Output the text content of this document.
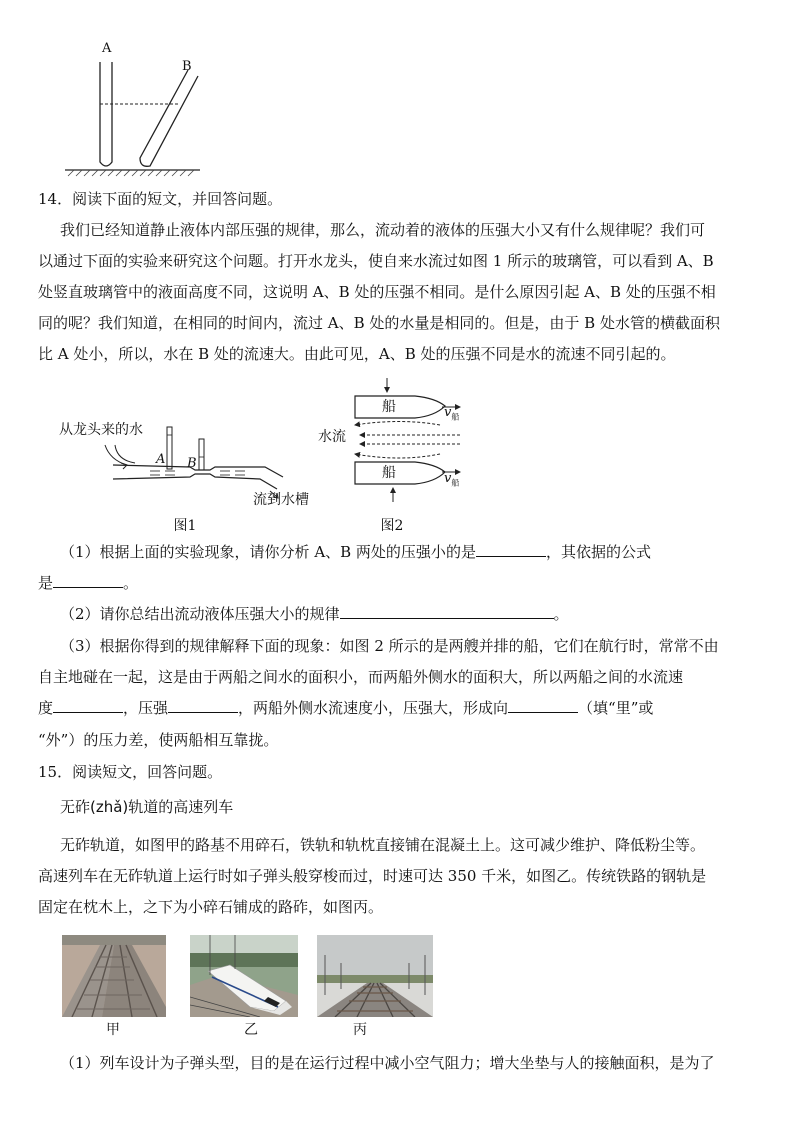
A
B
14．阅读下面的短文，并回答问题。
我们已经知道静止液体内部压强的规律，那么，流动着的液体的压强大小又有什么规律呢？我们可
以通过下面的实验来研究这个问题。打开水龙头，使自来水流过如图 1 所示的玻璃管，可以看到 A、B
处竖直玻璃管中的液面高度不同，这说明 A、B 处的压强不相同。是什么原因引起 A、B 处的压强不相
同的呢？我们知道，在相同的时间内，流过 A、B 处的水量是相同的。但是，由于 B 处水管的横截面积
比 A 处小，所以，水在 B 处的流速大。由此可见，A、B 处的压强不同是水的流速不同引起的。
从龙头来的水
A B
流到水槽
图1
船
船
水流
$v_船$
$v_船$
图2
（1）根据上面的实验现象，请你分析 A、B 两处的压强小的是	，其依据的公式
是	。
（2）请你总结出流动液体压强大小的规律	。
（3）根据你得到的规律解释下面的现象：如图 2 所示的是两艘并排的船，它们在航行时，常常不由
自主地碰在一起，这是由于两船之间水的面积小，而两船外侧水的面积大，所以两船之间的水流速
度	，压强	，两船外侧水流速度小，压强大，形成向	（填“里”或
“外”）的压力差，使两船相互靠拢。
15．阅读短文，回答问题。
无砟(zhǎ)轨道的高速列车
无砟轨道，如图甲的路基不用碎石，铁轨和轨枕直接铺在混凝土上。这可减少维护、降低粉尘等。
高速列车在无砟轨道上运行时如子弹头般穿梭而过，时速可达 350 千米，如图乙。传统铁路的钢轨是
固定在枕木上，之下为小碎石铺成的路砟，如图丙。
甲	乙	丙
（1）列车设计为子弹头型，目的是在运行过程中减小空气阻力；增大坐垫与人的接触面积，是为了
